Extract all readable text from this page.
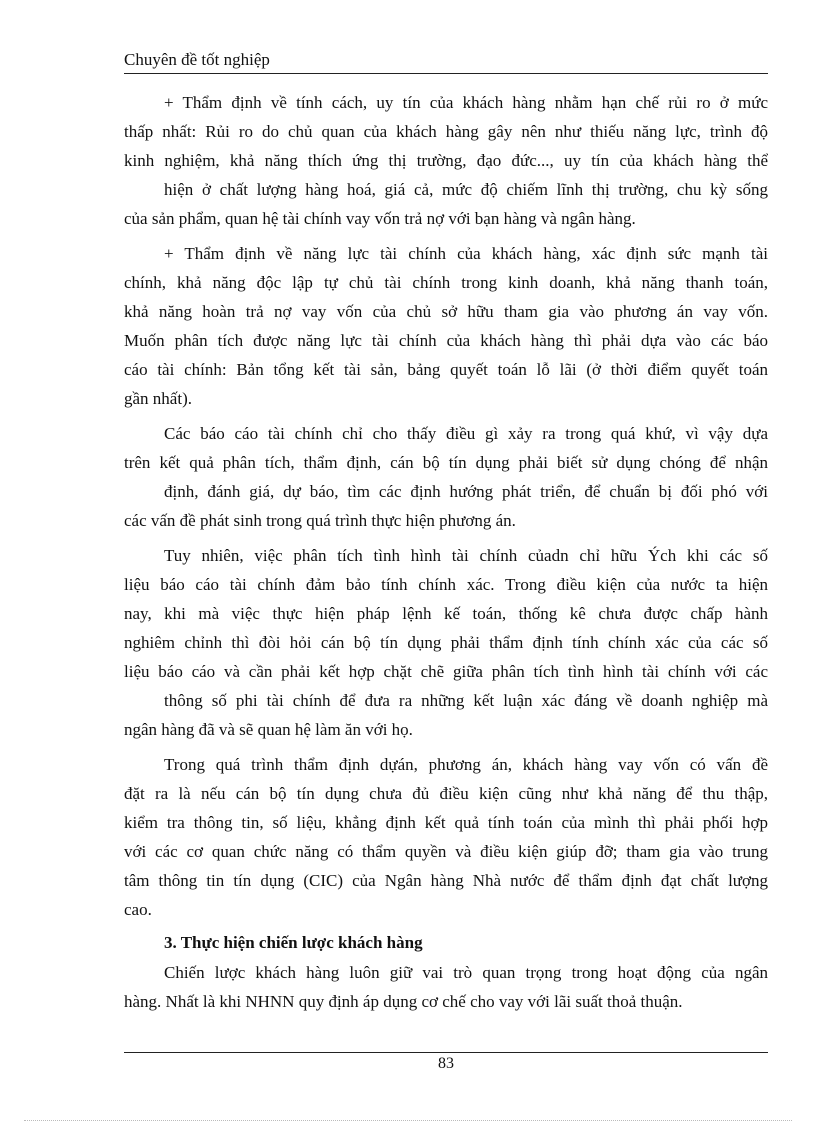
Chuyên đề tốt nghiệp
+ Thẩm định về tính cách, uy tín của khách hàng nhằm hạn chế rủi ro ở mức
thấp nhất: Rủi ro do chủ quan của khách hàng gây nên như thiếu năng lực, trình độ
kinh nghiệm, khả năng thích ứng thị trường, đạo đức..., uy tín của khách hàng thể
hiện ở chất lượng hàng hoá, giá cả, mức độ chiếm lĩnh thị trường, chu kỳ sống
của sản phẩm, quan hệ tài chính vay vốn trả nợ với bạn hàng và ngân hàng.
+ Thẩm định về năng lực tài chính của khách hàng, xác định sức mạnh tài
chính, khả năng độc lập tự chủ tài chính trong kinh doanh, khả năng thanh toán,
khả năng hoàn trả nợ vay vốn của chủ sở hữu tham gia vào phương án vay vốn.
Muốn phân tích được năng lực tài chính của khách hàng thì phải dựa vào các báo
cáo tài chính: Bản tổng kết tài sản, bảng quyết toán lỗ lãi (ở thời điểm quyết toán
gần nhất).
Các báo cáo tài chính chỉ cho thấy điều gì xảy ra trong quá khứ, vì vậy dựa
trên kết quả phân tích, thẩm định, cán bộ tín dụng phải biết sử dụng chóng để nhận
định, đánh giá, dự báo, tìm các định hướng phát triển, để chuẩn bị đối phó với
các vấn đề phát sinh trong quá trình thực hiện phương án.
Tuy nhiên, việc phân tích tình hình tài chính củadn chỉ hữu Ých khi các số
liệu báo cáo tài chính đảm bảo tính chính xác. Trong điều kiện của nước ta hiện
nay, khi mà việc thực hiện pháp lệnh kế toán, thống kê chưa được chấp hành
nghiêm chỉnh thì đòi hỏi cán bộ tín dụng phải thẩm định tính chính xác của các số
liệu báo cáo và cần phải kết hợp chặt chẽ giữa phân tích tình hình tài chính với các
thông số phi tài chính để đưa ra những kết luận xác đáng về doanh nghiệp mà
ngân hàng đã và sẽ quan hệ làm ăn với họ.
Trong quá trình thẩm định dựán, phương án, khách hàng vay vốn có vấn đề
đặt ra là nếu cán bộ tín dụng chưa đủ điều kiện cũng như khả năng để thu thập,
kiểm tra thông tin, số liệu, khẳng định kết quả tính toán của mình thì phải phối hợp
với các cơ quan chức năng có thẩm quyền và điều kiện giúp đỡ; tham gia vào trung
tâm thông tin tín dụng (CIC) của Ngân hàng Nhà nước để thẩm định đạt chất lượng
cao.
3. Thực hiện chiến lược khách hàng
Chiến lược khách hàng luôn giữ vai trò quan trọng trong hoạt động của ngân
hàng. Nhất là khi NHNN quy định áp dụng cơ chế cho vay với lãi suất thoả thuận.
83
